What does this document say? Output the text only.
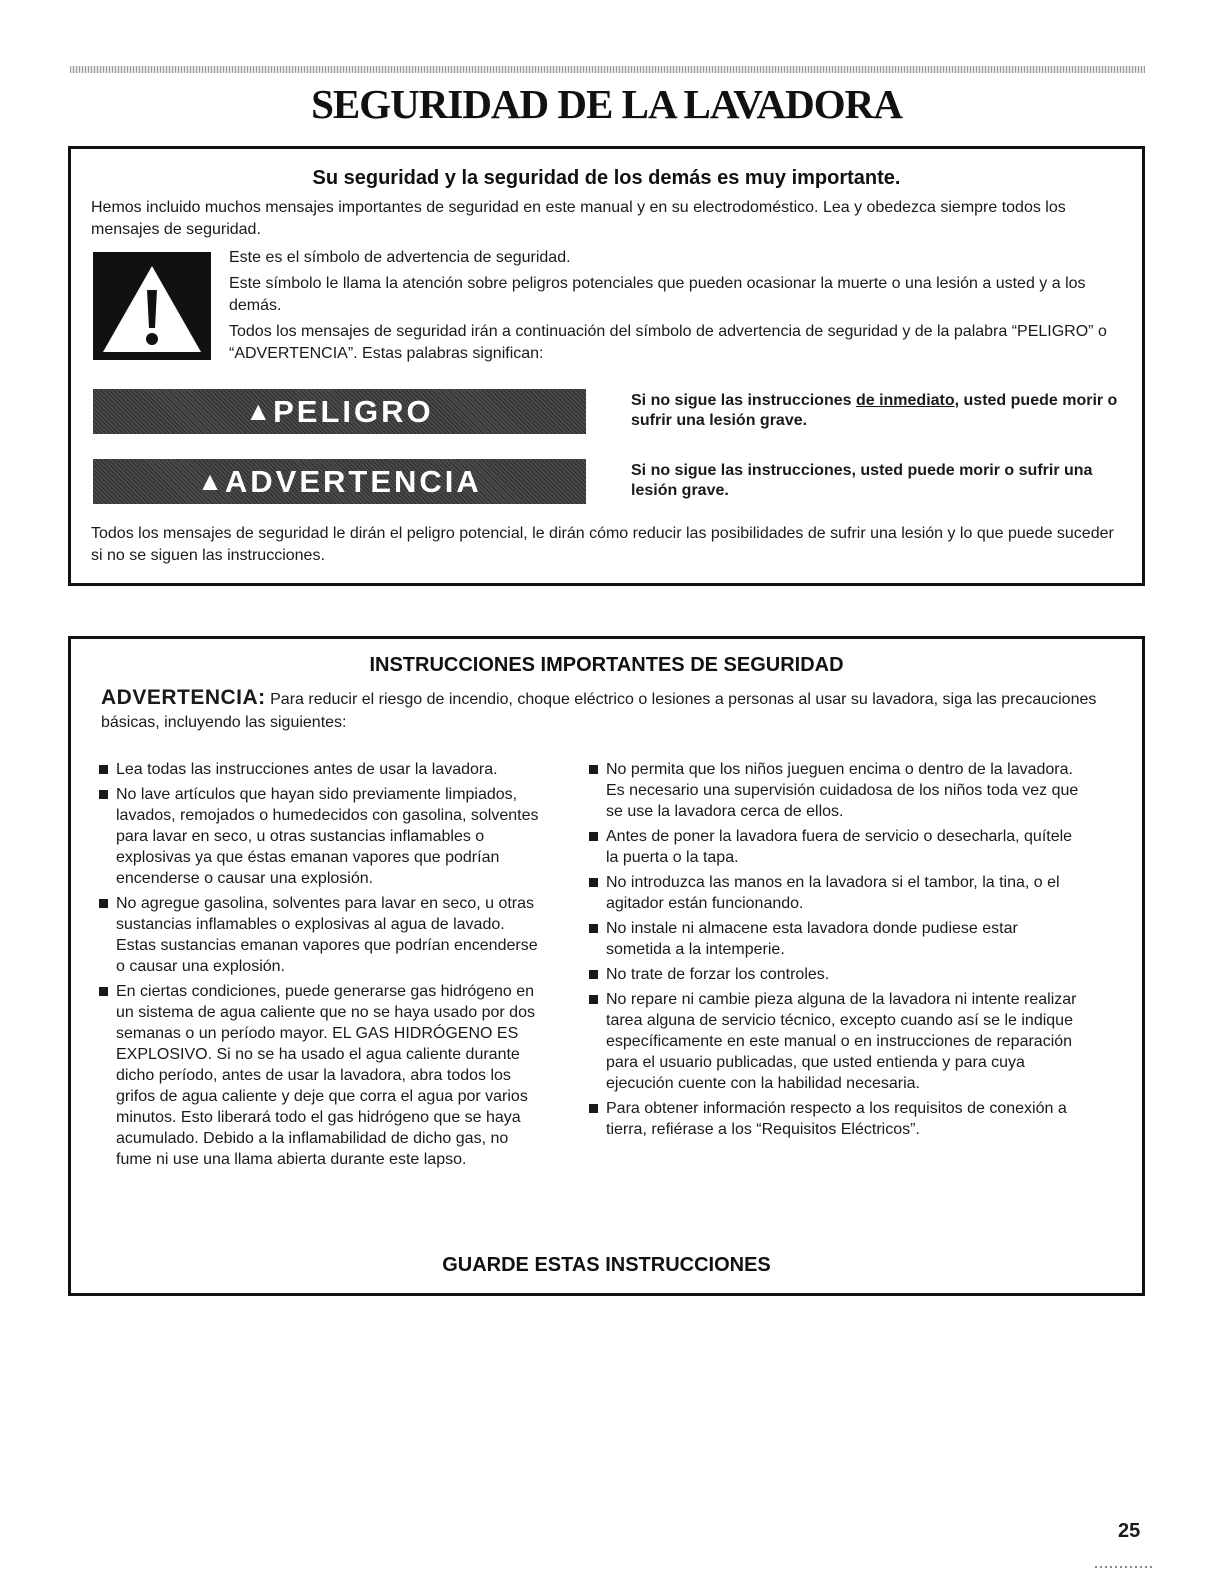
SEGURIDAD DE LA LAVADORA
Su seguridad y la seguridad de los demás es muy importante.
Hemos incluido muchos mensajes importantes de seguridad en este manual y en su electrodoméstico. Lea y obedezca siempre todos los mensajes de seguridad.
Este es el símbolo de advertencia de seguridad.
Este símbolo le llama la atención sobre peligros potenciales que pueden ocasionar la muerte o una lesión a usted y a los demás.
Todos los mensajes de seguridad irán a continuación del símbolo de advertencia de seguridad y de la palabra “PELIGRO” o “ADVERTENCIA”. Estas palabras significan:
▲ PELIGRO	Si no sigue las instrucciones de inmediato, usted puede morir o sufrir una lesión grave.
▲ ADVERTENCIA	Si no sigue las instrucciones, usted puede morir o sufrir una lesión grave.
Todos los mensajes de seguridad le dirán el peligro potencial, le dirán cómo reducir las posibilidades de sufrir una lesión y lo que puede suceder si no se siguen las instrucciones.
INSTRUCCIONES IMPORTANTES DE SEGURIDAD
ADVERTENCIA: Para reducir el riesgo de incendio, choque eléctrico o lesiones a personas al usar su lavadora, siga las precauciones básicas, incluyendo las siguientes:
Lea todas las instrucciones antes de usar la lavadora.
No lave artículos que hayan sido previamente limpiados, lavados, remojados o humedecidos con gasolina, solventes para lavar en seco, u otras sustancias inflamables o explosivas ya que éstas emanan vapores que podrían encenderse o causar una explosión.
No agregue gasolina, solventes para lavar en seco, u otras sustancias inflamables o explosivas al agua de lavado. Estas sustancias emanan vapores que podrían encenderse o causar una explosión.
En ciertas condiciones, puede generarse gas hidrógeno en un sistema de agua caliente que no se haya usado por dos semanas o un período mayor. EL GAS HIDRÓGENO ES EXPLOSIVO. Si no se ha usado el agua caliente durante dicho período, antes de usar la lavadora, abra todos los grifos de agua caliente y deje que corra el agua por varios minutos. Esto liberará todo el gas hidrógeno que se haya acumulado. Debido a la inflamabilidad de dicho gas, no fume ni use una llama abierta durante este lapso.
No permita que los niños jueguen encima o dentro de la lavadora. Es necesario una supervisión cuidadosa de los niños toda vez que se use la lavadora cerca de ellos.
Antes de poner la lavadora fuera de servicio o desecharla, quítele la puerta o la tapa.
No introduzca las manos en la lavadora si el tambor, la tina, o el agitador están funcionando.
No instale ni almacene esta lavadora donde pudiese estar sometida a la intemperie.
No trate de forzar los controles.
No repare ni cambie pieza alguna de la lavadora ni intente realizar tarea alguna de servicio técnico, excepto cuando así se le indique específicamente en este manual o en instrucciones de reparación para el usuario publicadas, que usted entienda y para cuya ejecución cuente con la habilidad necesaria.
Para obtener información respecto a los requisitos de conexión a tierra, refiérase a los “Requisitos Eléctricos”.
GUARDE ESTAS INSTRUCCIONES
25
